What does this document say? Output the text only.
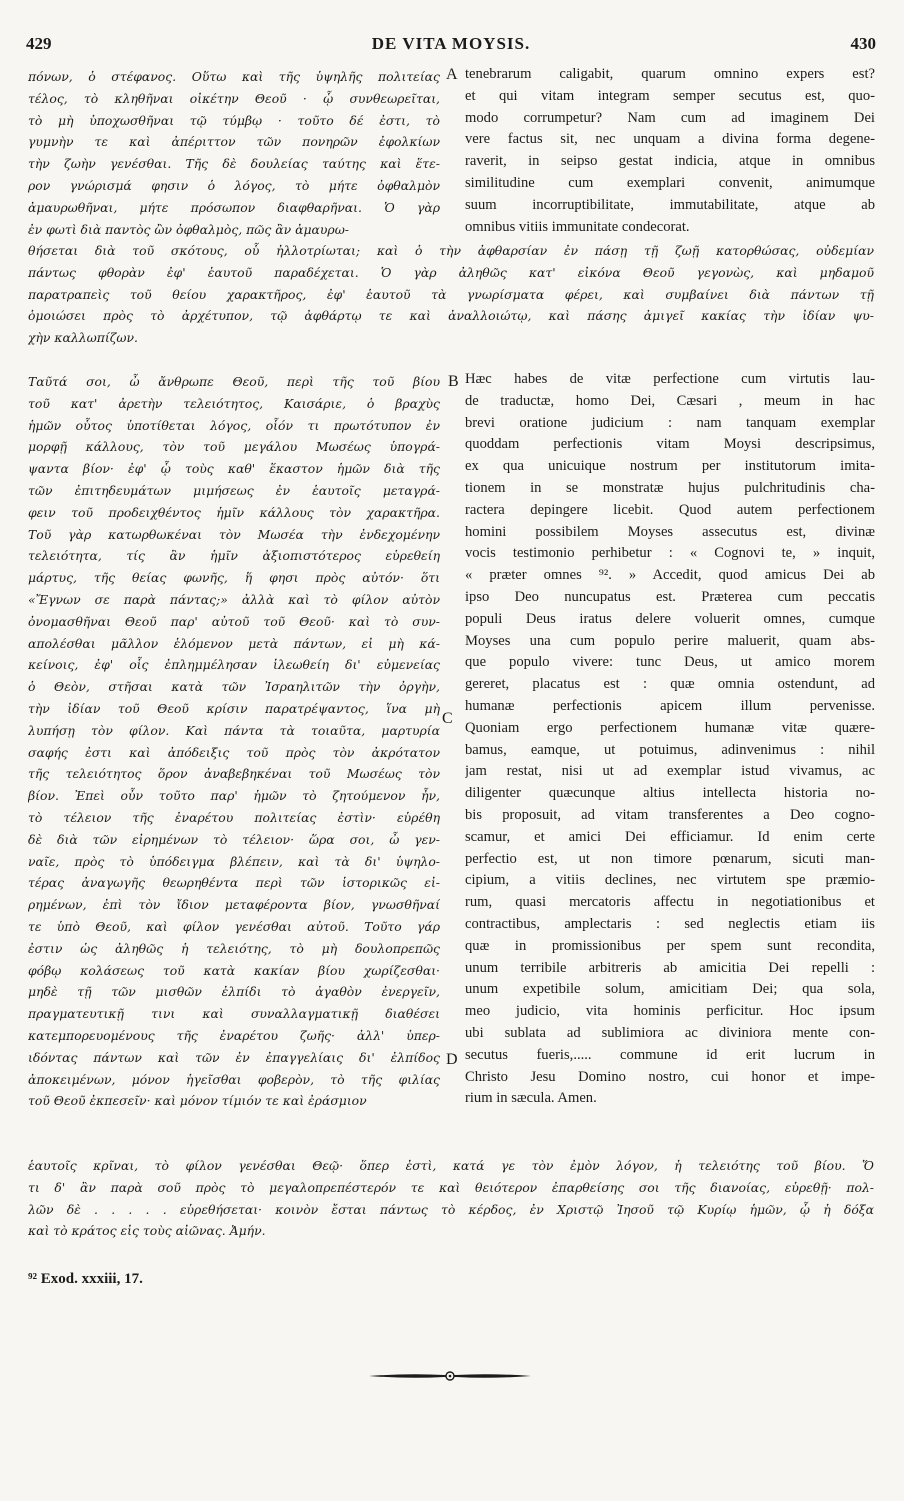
429	DE VITA MOYSIS.	430
πόνων, ὁ στέφανος. Οὕτω καὶ τῆς ὑψηλῆς πολιτείας
τέλος, τὸ κληθῆναι οἰκέτην Θεοῦ · ᾧ συνθεωρεῖται,
τὸ μὴ ὑποχωσθῆναι τῷ τύμβῳ · τοῦτο δέ ἐστι, τὸ
γυμνὴν τε καὶ ἀπέριττον τῶν πονηρῶν ἐφολκίων
τὴν ζωὴν γενέσθαι. Τῆς δὲ δουλείας ταύτης καὶ ἕτε-
ρον γνώρισμά φησιν ὁ λόγος, τὸ μήτε ὀφθαλμὸν
ἀμαυρωθῆναι, μήτε πρόσωπον διαφθαρῆναι. Ὁ γὰρ
ἐν φωτὶ διὰ παντὸς ὢν ὀφθαλμὸς, πῶς ἂν ἀμαυρω-
A tenebrarum caligabit, quarum omnino expers est?
et qui vitam integram semper secutus est, quo-
modo corrumpetur? Nam cum ad imaginem Dei
vere factus sit, nec unquam a divina forma degene-
raverit, in seipso gestat indicia, atque in omnibus
similitudine cum exemplari convenit, animumque
suum incorruptibilitate, immutabilitate, atque ab
omnibus vitiis immunitate condecorat.
θήσεται διὰ τοῦ σκότους, οὗ ἠλλοτρίωται; καὶ ὁ τὴν ἀφθαρσίαν ἐν πάσῃ τῇ ζωῇ κατορθώσας, οὐδεμίαν
πάντως φθορὰν ἐφ' ἑαυτοῦ παραδέχεται. Ὁ γὰρ ἀληθῶς κατ' εἰκόνα Θεοῦ γεγονὼς, καὶ μηδαμοῦ
παρατραπεὶς τοῦ θείου χαρακτῆρος, ἐφ' ἑαυτοῦ τὰ γνωρίσματα φέρει, καὶ συμβαίνει διὰ πάντων τῇ
ὁμοιώσει πρὸς τὸ ἀρχέτυπον, τῷ ἀφθάρτῳ τε καὶ ἀναλλοιώτῳ, καὶ πάσης ἀμιγεῖ κακίας τὴν ἰδίαν ψυ-
χὴν καλλωπίζων.
Ταῦτά σοι, ὦ ἄνθρωπε Θεοῦ, περὶ τῆς τοῦ βίου
τοῦ κατ' ἀρετὴν τελειότητος, Καισάριε, ὁ βραχὺς
ἡμῶν οὗτος ὑποτίθεται λόγος, οἷόν τι πρωτότυπον ἐν
μορφῇ κάλλους, τὸν τοῦ μεγάλου Μωσέως ὑπογρά-
ψαντα βίον· ἐφ' ᾧ τοὺς καθ' ἕκαστον ἡμῶν διὰ τῆς
τῶν ἐπιτηδευμάτων μιμήσεως ἐν ἑαυτοῖς μεταγρά-
φειν τοῦ προδειχθέντος ἡμῖν κάλλους τὸν χαρακτῆρα.
Τοῦ γὰρ κατωρθωκέναι τὸν Μωσέα τὴν ἐνδεχομένην
τελειότητα, τίς ἂν ἡμῖν ἀξιοπιστότερος εὑρεθείη
μάρτυς, τῆς θείας φωνῆς, ἥ φησι πρὸς αὐτόν· ὅτι
«Ἔγνων σε παρὰ πάντας;» ἀλλὰ καὶ τὸ φίλον αὐτὸν
ὀνομασθῆναι Θεοῦ παρ' αὐτοῦ τοῦ Θεοῦ· καὶ τὸ συν-
απολέσθαι μᾶλλον ἑλόμενον μετὰ πάντων, εἰ μὴ κά-
κείνοις, ἐφ' οἷς ἐπλημμέλησαν ἱλεωθείη δι' εὐμενείας
ὁ Θεὸν, στῆσαι κατὰ τῶν Ἰσραηλιτῶν τὴν ὀργὴν,
τὴν ἰδίαν τοῦ Θεοῦ κρίσιν παρατρέψαντος, ἵνα μὴ
λυπήσῃ τὸν φίλον. Καὶ πάντα τὰ τοιαῦτα, μαρτυρία
σαφής ἐστι καὶ ἀπόδειξις τοῦ πρὸς τὸν ἀκρότατον
τῆς τελειότητος ὅρον ἀναβεβηκέναι τοῦ Μωσέως τὸν
βίον. Ἐπεὶ οὖν τοῦτο παρ' ἡμῶν τὸ ζητούμενον ἦν,
τὸ τέλειον τῆς ἐναρέτου πολιτείας ἐστὶν· εὑρέθη
δὲ διὰ τῶν εἰρημένων τὸ τέλειον· ὥρα σοι, ὦ γεν-
ναῖε, πρὸς τὸ ὑπόδειγμα βλέπειν, καὶ τὰ δι' ὑψηλο-
τέρας ἀναγωγῆς θεωρηθέντα περὶ τῶν ἱστορικῶς εἰ-
ρημένων, ἐπὶ τὸν ἴδιον μεταφέροντα βίον, γνωσθῆναί
τε ὑπὸ Θεοῦ, καὶ φίλον γενέσθαι αὐτοῦ. Τοῦτο γάρ
ἐστιν ὡς ἀληθῶς ἡ τελειότης, τὸ μὴ δουλοπρεπῶς
φόβῳ κολάσεως τοῦ κατὰ κακίαν βίου χωρίζεσθαι·
μηδὲ τῇ τῶν μισθῶν ἐλπίδι τὸ ἀγαθὸν ἐνεργεῖν,
πραγματευτικῇ τινι καὶ συναλλαγματικῇ διαθέσει
κατεμπορευομένους τῆς ἐναρέτου ζωῆς· ἀλλ' ὑπερ-
ιδόντας πάντων καὶ τῶν ἐν ἐπαγγελίαις δι' ἐλπίδος
ἀποκειμένων, μόνον ἡγεῖσθαι φοβερὸν, τὸ τῆς φιλίας
τοῦ Θεοῦ ἐκπεσεῖν· καὶ μόνον τίμιόν τε καὶ ἐράσμιον
B
C
D
Hæc habes de vitæ perfectione cum virtutis lau-
de traductæ, homo Dei, Cæsari , meum in hac
brevi oratione judicium : nam tanquam exemplar
quoddam perfectionis vitam Moysi descripsimus,
ex qua unicuique nostrum per institutorum imita-
tionem in se monstratæ hujus pulchritudinis cha-
ractera depingere licebit. Quod autem perfectionem
homini possibilem Moyses assecutus est, divinæ
vocis testimonio perhibetur : « Cognovi te, » inquit,
« præter omnes ⁹². » Accedit, quod amicus Dei ab
ipso Deo nuncupatus est. Præterea cum peccatis
populi Deus iratus delere voluerit omnes, cumque
Moyses una cum populo perire maluerit, quam abs-
que populo vivere: tunc Deus, ut amico morem
gereret, placatus est : quæ omnia ostendunt, ad
humanæ perfectionis apicem illum pervenisse.
Quoniam ergo perfectionem humanæ vitæ quære-
bamus, eamque, ut potuimus, adinvenimus : nihil
jam restat, nisi ut ad exemplar istud vivamus, ac
diligenter quæcunque altius intellecta historia no-
bis proposuit, ad vitam transferentes a Deo cogno-
scamur, et amici Dei efficiamur. Id enim certe
perfectio est, ut non timore pœnarum, sicuti man-
cipium, a vitiis declines, nec virtutem spe præmio-
rum, quasi mercatoris affectu in negotiationibus et
contractibus, amplectaris : sed neglectis etiam iis
quæ in promissionibus per spem sunt recondita,
unum terribile arbitreris ab amicitia Dei repelli :
unum expetibile solum, amicitiam Dei; qua sola,
meo judicio, vita hominis perficitur. Hoc ipsum
ubi sublata ad sublimiora ac diviniora mente con-
secutus fueris,..... commune id erit lucrum in
Christo Jesu Domino nostro, cui honor et impe-
rium in sæcula. Amen.
ἑαυτοῖς κρῖναι, τὸ φίλον γενέσθαι Θεῷ· ὅπερ ἐστὶ, κατά γε τὸν ἐμὸν λόγον, ἡ τελειότης τοῦ βίου. Ὅ
τι δ' ἂν παρὰ σοῦ πρὸς τὸ μεγαλοπρεπέστερόν τε καὶ θειότερον ἐπαρθείσης σοι τῆς διανοίας, εὑρεθῇ· πολ-
λῶν δὲ . . . . . εὑρεθήσεται· κοινὸν ἔσται πάντως τὸ κέρδος, ἐν Χριστῷ Ἰησοῦ τῷ Κυρίῳ ἡμῶν, ᾧ ἡ δόξα
καὶ τὸ κράτος εἰς τοὺς αἰῶνας. Ἀμήν.
⁹² Exod. xxxiii, 17.
